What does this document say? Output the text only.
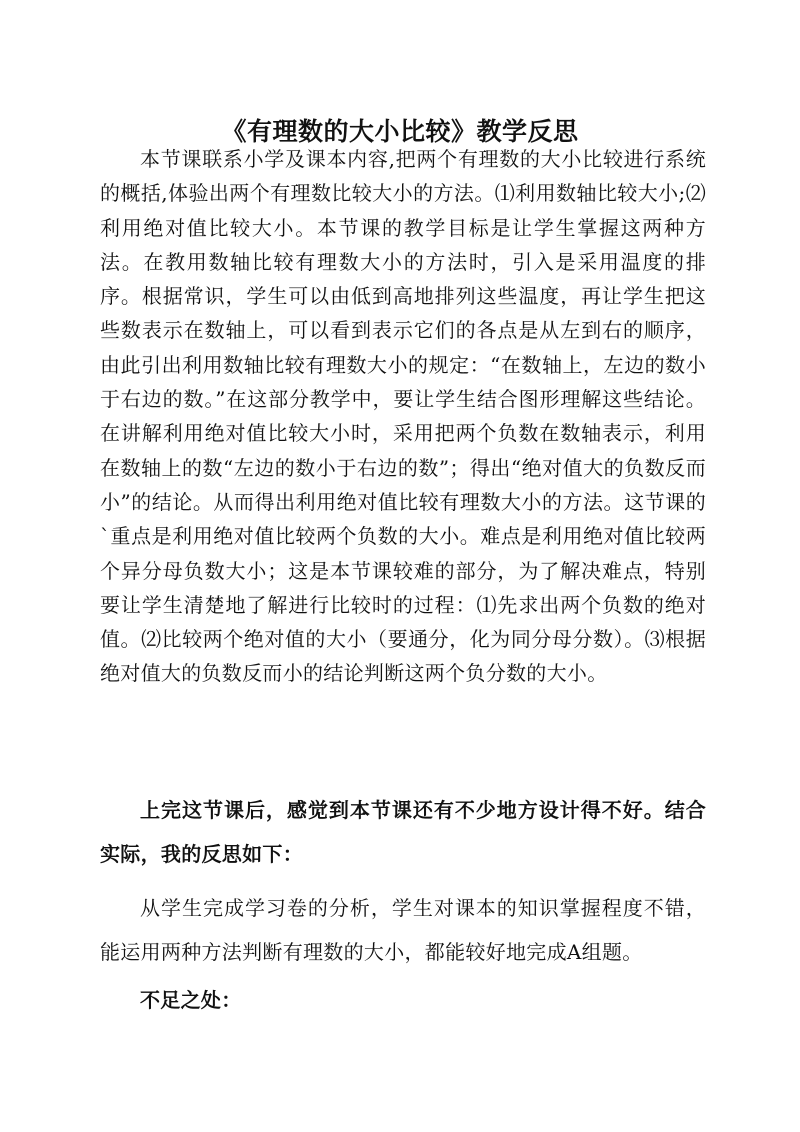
《有理数的大小比较》教学反思

本节课联系小学及课本内容,把两个有理数的大小比较进行系统的概括,体验出两个有理数比较大小的方法。⑴利用数轴比较大小;⑵利用绝对值比较大小。本节课的教学目标是让学生掌握这两种方法。在教用数轴比较有理数大小的方法时，引入是采用温度的排序。根据常识，学生可以由低到高地排列这些温度，再让学生把这些数表示在数轴上，可以看到表示它们的各点是从左到右的顺序，由此引出利用数轴比较有理数大小的规定：“在数轴上，左边的数小于右边的数。”在这部分教学中，要让学生结合图形理解这些结论。在讲解利用绝对值比较大小时，采用把两个负数在数轴表示，利用在数轴上的数“左边的数小于右边的数”；得出“绝对值大的负数反而小”的结论。从而得出利用绝对值比较有理数大小的方法。这节课的`重点是利用绝对值比较两个负数的大小。难点是利用绝对值比较两个异分母负数大小；这是本节课较难的部分，为了解决难点，特别要让学生清楚地了解进行比较时的过程：⑴先求出两个负数的绝对值。⑵比较两个绝对值的大小（要通分，化为同分母分数）。⑶根据绝对值大的负数反而小的结论判断这两个负分数的大小。

上完这节课后，感觉到本节课还有不少地方设计得不好。结合实际，我的反思如下：

从学生完成学习卷的分析，学生对课本的知识掌握程度不错，能运用两种方法判断有理数的大小，都能较好地完成A组题。

不足之处：
